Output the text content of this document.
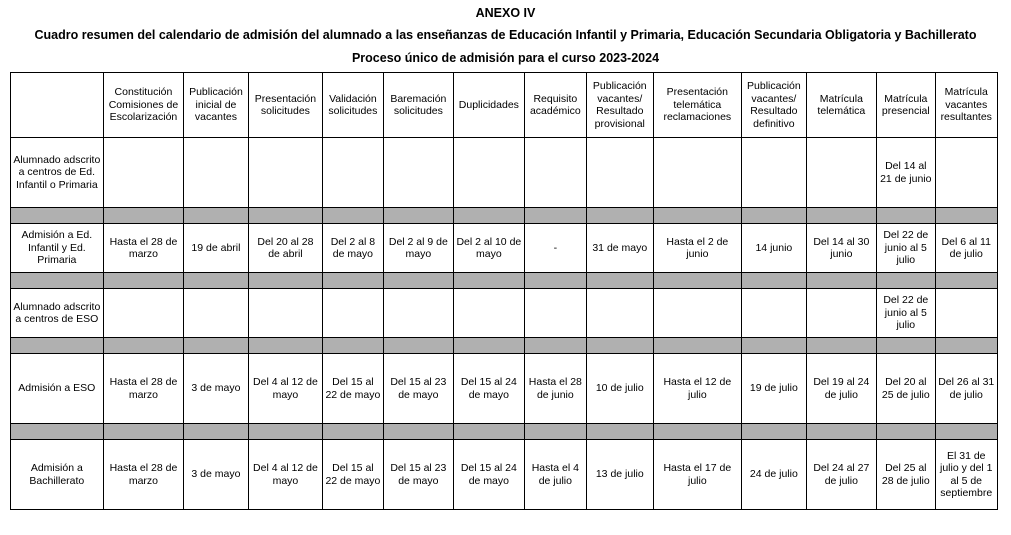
ANEXO IV
Cuadro resumen del calendario de admisión del alumnado a las enseñanzas de Educación Infantil y Primaria, Educación Secundaria Obligatoria y Bachillerato
Proceso único de admisión para el curso 2023-2024
	Constitución Comisiones de Escolarización	Publicación inicial de vacantes	Presentación solicitudes	Validación solicitudes	Baremación solicitudes	Duplicidades	Requisito académico	Publicación vacantes/ Resultado provisional	Presentación telemática reclamaciones	Publicación vacantes/ Resultado definitivo	Matrícula telemática	Matrícula presencial	Matrícula vacantes resultantes
Alumnado adscrito a centros de Ed. Infantil o Primaria												Del 14 al 21 de junio	

Admisión a Ed. Infantil y Ed. Primaria	Hasta el 28 de marzo	19 de abril	Del 20 al 28 de abril	Del 2 al 8 de mayo	Del 2 al 9 de mayo	Del 2 al 10 de mayo	-	31 de mayo	Hasta el 2 de junio	14 junio	Del 14 al 30 junio	Del 22 de junio al 5 julio	Del 6 al 11 de julio

Alumnado adscrito a centros de ESO												Del 22 de junio al 5 julio	

Admisión a ESO	Hasta el 28 de marzo	3 de mayo	Del 4 al 12 de mayo	Del 15 al 22 de mayo	Del 15 al 23 de mayo	Del 15 al 24 de mayo	Hasta el 28 de junio	10 de julio	Hasta el 12 de julio	19 de julio	Del 19 al 24 de julio	Del 20 al 25 de julio	Del 26 al 31 de julio

Admisión a Bachillerato	Hasta el 28 de marzo	3 de mayo	Del 4 al 12 de mayo	Del 15 al 22 de mayo	Del 15 al 23 de mayo	Del 15 al 24 de mayo	Hasta el 4 de julio	13 de julio	Hasta el 17 de julio	24 de julio	Del 24 al 27 de julio	Del 25 al 28 de julio	El 31 de julio y del 1 al 5 de septiembre
